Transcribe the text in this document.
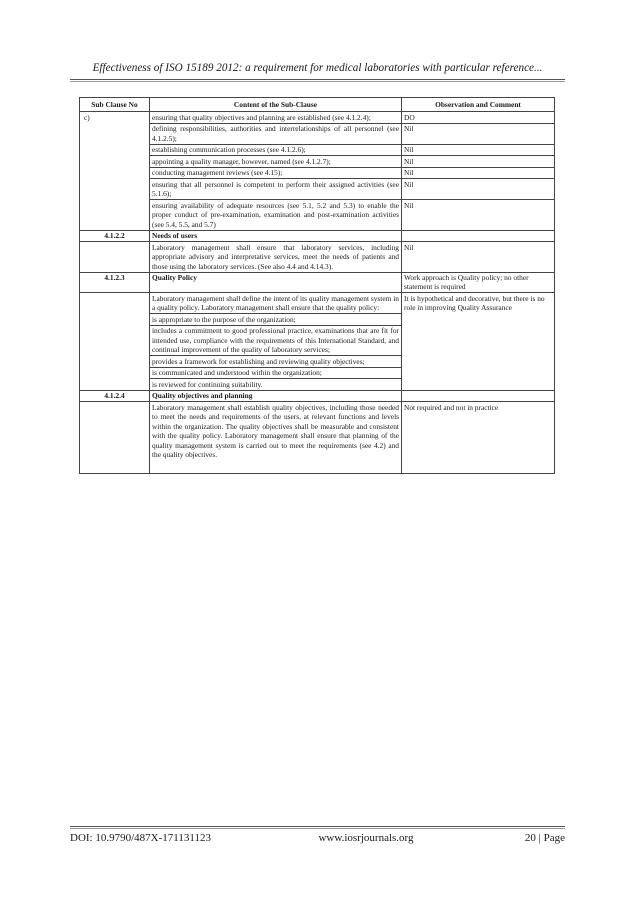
Effectiveness of ISO 15189 2012: a requirement for medical laboratories with particular reference...
Sub Clause No	Content of the Sub-Clause	Observation and Comment
c)	ensuring that quality objectives and planning are established (see 4.1.2.4);	DO
	defining responsibilities, authorities and interrelationships of all personnel (see 4.1.2.5);	Nil
	establishing communication processes (see 4.1.2.6);	Nil
	appointing a quality manager, however, named (see 4.1.2.7);	Nil
	conducting management reviews (see 4.15);	Nil
	ensuring that all personnel is competent to perform their assigned activities (see 5.1.6);	Nil
	ensuring availability of adequate resources (see 5.1, 5.2 and 5.3) to enable the proper conduct of pre-examination, examination and post-examination activities (see 5.4, 5.5, and 5.7)	Nil
4.1.2.2	Needs of users	
	Laboratory management shall ensure that laboratory services, including appropriate advisory and interpretative services, meet the needs of patients and those using the laboratory services. (See also 4.4 and 4.14.3).	Nil
4.1.2.3	Quality Policy	Work approach is Quality policy; no other statement is required
	Laboratory management shall define the intent of its quality management system in a quality policy. Laboratory management shall ensure that the quality policy:	It is hypothetical and decorative, but there is no role in improving Quality Assurance
	is appropriate to the purpose of the organization;	
	includes a commitment to good professional practice, examinations that are fit for intended use, compliance with the requirements of this International Standard, and continual improvement of the quality of laboratory services;	
	provides a framework for establishing and reviewing quality objectives;	
	is communicated and understood within the organization;	
	is reviewed for continuing suitability.	
4.1.2.4	Quality objectives and planning	
	Laboratory management shall establish quality objectives, including those needed to meet the needs and requirements of the users, at relevant functions and levels within the organization. The quality objectives shall be measurable and consistent with the quality policy. Laboratory management shall ensure that planning of the quality management system is carried out to meet the requirements (see 4.2) and the quality objectives.	Not required and not in practice
DOI: 10.9790/487X-171131123	www.iosrjournals.org	20 | Page
